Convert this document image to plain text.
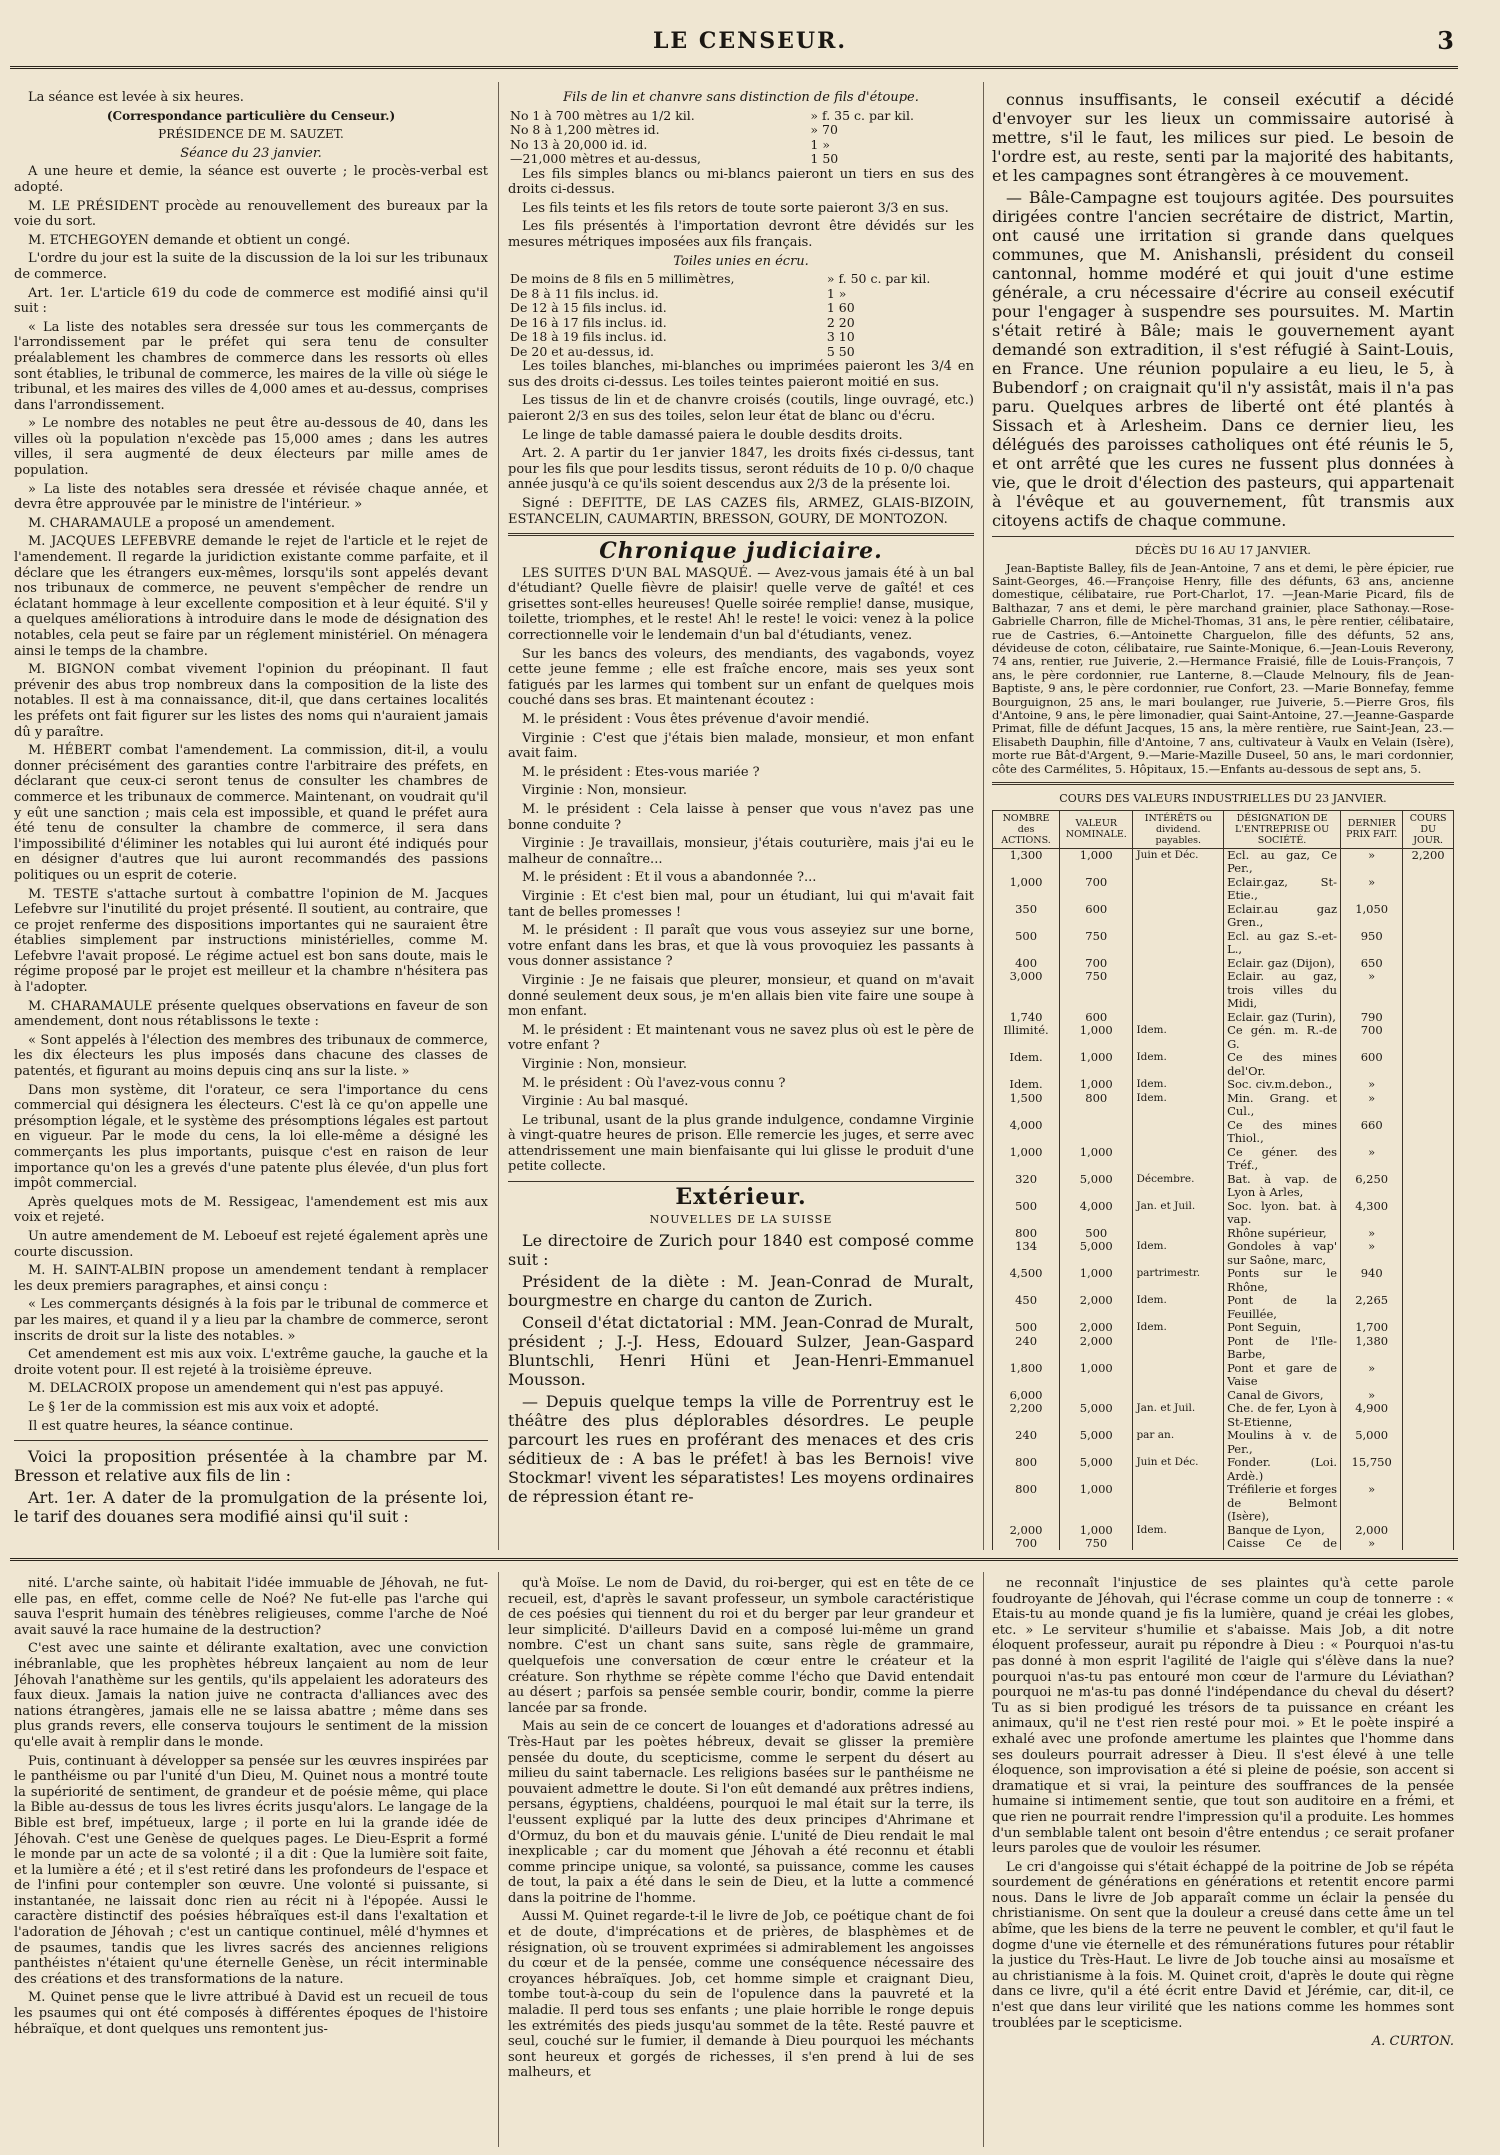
LE CENSEUR.	3

La séance est levée à six heures.

(Correspondance particulière du Censeur.)

PRÉSIDENCE DE M. SAUZET.

Séance du 23 janvier.

A une heure et demie, la séance est ouverte ; le procès-verbal est adopté.

M. LE PRÉSIDENT procède au renouvellement des bureaux par la voie du sort.

M. ETCHEGOYEN demande et obtient un congé.

L'ordre du jour est la suite de la discussion de la loi sur les tribunaux de commerce.

Art. 1er. L'article 619 du code de commerce est modifié ainsi qu'il suit :

« La liste des notables sera dressée sur tous les commerçants de l'arrondissement par le préfet qui sera tenu de consulter préalablement les chambres de commerce dans les ressorts où elles sont établies, le tribunal de commerce, les maires de la ville où siége le tribunal, et les maires des villes de 4,000 ames et au-dessus, comprises dans l'arrondissement.

» Le nombre des notables ne peut être au-dessous de 40, dans les villes où la population n'excède pas 15,000 ames ; dans les autres villes, il sera augmenté de deux électeurs par mille ames de population.

» La liste des notables sera dressée et révisée chaque année, et devra être approuvée par le ministre de l'intérieur. »

M. CHARAMAULE a proposé un amendement.

M. JACQUES LEFEBVRE demande le rejet de l'article et le rejet de l'amendement. Il regarde la juridiction existante comme parfaite, et il déclare que les étrangers eux-mêmes, lorsqu'ils sont appelés devant nos tribunaux de commerce, ne peuvent s'empêcher de rendre un éclatant hommage à leur excellente composition et à leur équité. S'il y a quelques améliorations à introduire dans le mode de désignation des notables, cela peut se faire par un réglement ministériel. On ménagera ainsi le temps de la chambre.

M. BIGNON combat vivement l'opinion du préopinant. Il faut prévenir des abus trop nombreux dans la composition de la liste des notables. Il est à ma connaissance, dit-il, que dans certaines localités les préfets ont fait figurer sur les listes des noms qui n'auraient jamais dû y paraître.

M. HÉBERT combat l'amendement. La commission, dit-il, a voulu donner précisément des garanties contre l'arbitraire des préfets, en déclarant que ceux-ci seront tenus de consulter les chambres de commerce et les tribunaux de commerce. Maintenant, on voudrait qu'il y eût une sanction ; mais cela est impossible, et quand le préfet aura été tenu de consulter la chambre de commerce, il sera dans l'impossibilité d'éliminer les notables qui lui auront été indiqués pour en désigner d'autres que lui auront recommandés des passions politiques ou un esprit de coterie.

M. TESTE s'attache surtout à combattre l'opinion de M. Jacques Lefebvre sur l'inutilité du projet présenté. Il soutient, au contraire, que ce projet renferme des dispositions importantes qui ne sauraient être établies simplement par instructions ministérielles, comme M. Lefebvre l'avait proposé. Le régime actuel est bon sans doute, mais le régime proposé par le projet est meilleur et la chambre n'hésitera pas à l'adopter.

M. CHARAMAULE présente quelques observations en faveur de son amendement, dont nous rétablissons le texte :

« Sont appelés à l'élection des membres des tribunaux de commerce, les dix électeurs les plus imposés dans chacune des classes de patentés, et figurant au moins depuis cinq ans sur la liste. »

Dans mon système, dit l'orateur, ce sera l'importance du cens commercial qui désignera les électeurs. C'est là ce qu'on appelle une présomption légale, et le système des présomptions légales est partout en vigueur. Par le mode du cens, la loi elle-même a désigné les commerçants les plus importants, puisque c'est en raison de leur importance qu'on les a grevés d'une patente plus élevée, d'un plus fort impôt commercial.

Après quelques mots de M. Ressigeac, l'amendement est mis aux voix et rejeté.

Un autre amendement de M. Leboeuf est rejeté également après une courte discussion.

M. H. SAINT-ALBIN propose un amendement tendant à remplacer les deux premiers paragraphes, et ainsi conçu :

« Les commerçants désignés à la fois par le tribunal de commerce et par les maires, et quand il y a lieu par la chambre de commerce, seront inscrits de droit sur la liste des notables. »

Cet amendement est mis aux voix. L'extrême gauche, la gauche et la droite votent pour. Il est rejeté à la troisième épreuve.

M. DELACROIX propose un amendement qui n'est pas appuyé.

Le § 1er de la commission est mis aux voix et adopté.

Il est quatre heures, la séance continue.

Voici la proposition présentée à la chambre par M. Bresson et relative aux fils de lin :

Art. 1er. A dater de la promulgation de la présente loi, le tarif des douanes sera modifié ainsi qu'il suit :

Fils de lin et chanvre sans distinction de fils d'étoupe.

No 1 à 700 mètres au 1/2 kil.	» f. 35 c. par kil.
No 8 à 1,200 mètres id.	» 70
No 13 à 20,000 id. id.	1 »
—21,000 mètres et au-dessus,	1 50

Les fils simples blancs ou mi-blancs paieront un tiers en sus des droits ci-dessus.

Les fils teints et les fils retors de toute sorte paieront 3/3 en sus.

Les fils présentés à l'importation devront être dévidés sur les mesures métriques imposées aux fils français.

Toiles unies en écru.

De moins de 8 fils en 5 millimètres,	» f. 50 c. par kil.
De 8 à 11 fils inclus. id.	1 »
De 12 à 15 fils inclus. id.	1 60
De 16 à 17 fils inclus. id.	2 20
De 18 à 19 fils inclus. id.	3 10
De 20 et au-dessus, id.	5 50

Les toiles blanches, mi-blanches ou imprimées paieront les 3/4 en sus des droits ci-dessus. Les toiles teintes paieront moitié en sus.

Les tissus de lin et de chanvre croisés (coutils, linge ouvragé, etc.) paieront 2/3 en sus des toiles, selon leur état de blanc ou d'écru.

Le linge de table damassé paiera le double desdits droits.

Art. 2. A partir du 1er janvier 1847, les droits fixés ci-dessus, tant pour les fils que pour lesdits tissus, seront réduits de 10 p. 0/0 chaque année jusqu'à ce qu'ils soient descendus aux 2/3 de la présente loi.

Signé : DEFITTE, DE LAS CAZES fils, ARMEZ, GLAIS-BIZOIN, ESTANCELIN, CAUMARTIN, BRESSON, GOURY, DE MONTOZON.

Chronique judiciaire.

LES SUITES D'UN BAL MASQUÉ. — Avez-vous jamais été à un bal d'étudiant? Quelle fièvre de plaisir! quelle verve de gaîté! et ces grisettes sont-elles heureuses! Quelle soirée remplie! danse, musique, toilette, triomphes, et le reste! Ah! le reste! le voici: venez à la police correctionnelle voir le lendemain d'un bal d'étudiants, venez.

Sur les bancs des voleurs, des mendiants, des vagabonds, voyez cette jeune femme ; elle est fraîche encore, mais ses yeux sont fatigués par les larmes qui tombent sur un enfant de quelques mois couché dans ses bras. Et maintenant écoutez :

M. le président : Vous êtes prévenue d'avoir mendié.

Virginie : C'est que j'étais bien malade, monsieur, et mon enfant avait faim.

M. le président : Etes-vous mariée ?

Virginie : Non, monsieur.

M. le président : Cela laisse à penser que vous n'avez pas une bonne conduite ?

Virginie : Je travaillais, monsieur, j'étais couturière, mais j'ai eu le malheur de connaître...

M. le président : Et il vous a abandonnée ?...

Virginie : Et c'est bien mal, pour un étudiant, lui qui m'avait fait tant de belles promesses !

M. le président : Il paraît que vous vous asseyiez sur une borne, votre enfant dans les bras, et que là vous provoquiez les passants à vous donner assistance ?

Virginie : Je ne faisais que pleurer, monsieur, et quand on m'avait donné seulement deux sous, je m'en allais bien vite faire une soupe à mon enfant.

M. le président : Et maintenant vous ne savez plus où est le père de votre enfant ?

Virginie : Non, monsieur.

M. le président : Où l'avez-vous connu ?

Virginie : Au bal masqué.

Le tribunal, usant de la plus grande indulgence, condamne Virginie à vingt-quatre heures de prison. Elle remercie les juges, et serre avec attendrissement une main bienfaisante qui lui glisse le produit d'une petite collecte.

Extérieur.
NOUVELLES DE LA SUISSE

Le directoire de Zurich pour 1840 est composé comme suit :

Président de la diète : M. Jean-Conrad de Muralt, bourgmestre en charge du canton de Zurich.

Conseil d'état dictatorial : MM. Jean-Conrad de Muralt, président ; J.-J. Hess, Edouard Sulzer, Jean-Gaspard Bluntschli, Henri Hüni et Jean-Henri-Emmanuel Mousson.

— Depuis quelque temps la ville de Porrentruy est le théâtre des plus déplorables désordres. Le peuple parcourt les rues en proférant des menaces et des cris séditieux de : A bas le préfet! à bas les Bernois! vive Stockmar! vivent les séparatistes! Les moyens ordinaires de répression étant re-

connus insuffisants, le conseil exécutif a décidé d'envoyer sur les lieux un commissaire autorisé à mettre, s'il le faut, les milices sur pied. Le besoin de l'ordre est, au reste, senti par la majorité des habitants, et les campagnes sont étrangères à ce mouvement.

— Bâle-Campagne est toujours agitée. Des poursuites dirigées contre l'ancien secrétaire de district, Martin, ont causé une irritation si grande dans quelques communes, que M. Anishansli, président du conseil cantonnal, homme modéré et qui jouit d'une estime générale, a cru nécessaire d'écrire au conseil exécutif pour l'engager à suspendre ses poursuites. M. Martin s'était retiré à Bâle; mais le gouvernement ayant demandé son extradition, il s'est réfugié à Saint-Louis, en France. Une réunion populaire a eu lieu, le 5, à Bubendorf ; on craignait qu'il n'y assistât, mais il n'a pas paru. Quelques arbres de liberté ont été plantés à Sissach et à Arlesheim. Dans ce dernier lieu, les délégués des paroisses catholiques ont été réunis le 5, et ont arrêté que les cures ne fussent plus données à vie, que le droit d'élection des pasteurs, qui appartenait à l'évêque et au gouvernement, fût transmis aux citoyens actifs de chaque commune.

DÉCÈS DU 16 AU 17 JANVIER.

Jean-Baptiste Balley, fils de Jean-Antoine, 7 ans et demi, le père épicier, rue Saint-Georges, 46.—Françoise Henry, fille des défunts, 63 ans, ancienne domestique, célibataire, rue Port-Charlot, 17. —Jean-Marie Picard, fils de Balthazar, 7 ans et demi, le père marchand grainier, place Sathonay.—Rose-Gabrielle Charron, fille de Michel-Thomas, 31 ans, le père rentier, célibataire, rue de Castries, 6.—Antoinette Charguelon, fille des défunts, 52 ans, dévideuse de coton, célibataire, rue Sainte-Monique, 6.—Jean-Louis Reverony, 74 ans, rentier, rue Juiverie, 2.—Hermance Fraisié, fille de Louis-François, 7 ans, le père cordonnier, rue Lanterne, 8.—Claude Melnoury, fils de Jean-Baptiste, 9 ans, le père cordonnier, rue Confort, 23. —Marie Bonnefay, femme Bourguignon, 25 ans, le mari boulanger, rue Juiverie, 5.—Pierre Gros, fils d'Antoine, 9 ans, le père limonadier, quai Saint-Antoine, 27.—Jeanne-Gasparde Primat, fille de défunt Jacques, 15 ans, la mère rentière, rue Saint-Jean, 23.—Elisabeth Dauphin, fille d'Antoine, 7 ans, cultivateur à Vaulx en Velain (Isère), morte rue Bât-d'Argent, 9.—Marie-Mazille Duseel, 50 ans, le mari cordonnier, côte des Carmélites, 5. Hôpitaux, 15.—Enfants au-dessous de sept ans, 5.

COURS DES VALEURS INDUSTRIELLES DU 23 JANVIER.

NOMBRE des ACTIONS.	VALEUR NOMINALE.	INTÉRÊTS ou dividend. payables.	DÉSIGNATION DE L'ENTREPRISE OU SOCIÉTÉ.	DERNIER PRIX FAIT.	COURS DU JOUR.
1,300	1,000	Juin et Déc.	Ecl. au gaz, Ce Per.,	»	2,200
1,000	700		Eclair.gaz, St-Etie.,	»	
350	600		Eclair.au gaz Gren.,	1,050	
500	750		Ecl. au gaz S.-et-L.,	950	
400	700		Eclair. gaz (Dijon),	650	
3,000	750		Eclair. au gaz, trois villes du Midi,	»	
1,740	600		Eclair. gaz (Turin),	790	
Illimité.	1,000	Idem.	Ce gén. m. R.-de G.	700	
Idem.	1,000	Idem.	Ce des mines del'Or.	600	
Idem.	1,000	Idem.	Soc. civ.m.debon.,	»	
1,500	800	Idem.	Min. Grang. et Cul.,	»	
4,000			Ce des mines Thiol.,	660	
1,000	1,000		Ce géner. des Tréf.,	»	
320	5,000	Décembre.	Bat. à vap. de Lyon à Arles,	6,250	
500	4,000	Jan. et Juil.	Soc. lyon. bat. à vap.	4,300	
800	500		Rhône supérieur,	»	
134	5,000	Idem.	Gondoles à vap' sur Saône, marc,	»	
4,500	1,000	partrimestr.	Ponts sur le Rhône,	940	
450	2,000	Idem.	Pont de la Feuillée,	2,265	
500	2,000	Idem.	Pont Seguin,	1,700	
240	2,000		Pont de l'Ile-Barbe,	1,380	
1,800	1,000		Pont et gare de Vaise	»	
6,000			Canal de Givors,	»	
2,200	5,000	Jan. et Juil.	Che. de fer, Lyon à St-Etienne,	4,900	
240	5,000	par an.	Moulins à v. de Per.,	5,000	
800	5,000	Juin et Déc.	Fonder. (Loi. Ardè.)	15,750	
800	1,000		Tréfilerie et forges de Belmont (Isère),	»	
2,000	1,000	Idem.	Banque de Lyon,	2,000	
700	750		Caisse Ce de	»	

nité. L'arche sainte, où habitait l'idée immuable de Jéhovah, ne fut-elle pas, en effet, comme celle de Noé? Ne fut-elle pas l'arche qui sauva l'esprit humain des ténèbres religieuses, comme l'arche de Noé avait sauvé la race humaine de la destruction?

C'est avec une sainte et délirante exaltation, avec une conviction inébranlable, que les prophètes hébreux lançaient au nom de leur Jéhovah l'anathème sur les gentils, qu'ils appelaient les adorateurs des faux dieux. Jamais la nation juive ne contracta d'alliances avec des nations étrangères, jamais elle ne se laissa abattre ; même dans ses plus grands revers, elle conserva toujours le sentiment de la mission qu'elle avait à remplir dans le monde.

Puis, continuant à développer sa pensée sur les œuvres inspirées par le panthéisme ou par l'unité d'un Dieu, M. Quinet nous a montré toute la supériorité de sentiment, de grandeur et de poésie même, qui place la Bible au-dessus de tous les livres écrits jusqu'alors. Le langage de la Bible est bref, impétueux, large ; il porte en lui la grande idée de Jéhovah. C'est une Genèse de quelques pages. Le Dieu-Esprit a formé le monde par un acte de sa volonté ; il a dit : Que la lumière soit faite, et la lumière a été ; et il s'est retiré dans les profondeurs de l'espace et de l'infini pour contempler son œuvre. Une volonté si puissante, si instantanée, ne laissait donc rien au récit ni à l'épopée. Aussi le caractère distinctif des poésies hébraïques est-il dans l'exaltation et l'adoration de Jéhovah ; c'est un cantique continuel, mêlé d'hymnes et de psaumes, tandis que les livres sacrés des anciennes religions panthéistes n'étaient qu'une éternelle Genèse, un récit interminable des créations et des transformations de la nature.

M. Quinet pense que le livre attribué à David est un recueil de tous les psaumes qui ont été composés à différentes époques de l'histoire hébraïque, et dont quelques uns remontent jus-

qu'à Moïse. Le nom de David, du roi-berger, qui est en tête de ce recueil, est, d'après le savant professeur, un symbole caractéristique de ces poésies qui tiennent du roi et du berger par leur grandeur et leur simplicité. D'ailleurs David en a composé lui-même un grand nombre. C'est un chant sans suite, sans règle de grammaire, quelquefois une conversation de cœur entre le créateur et la créature. Son rhythme se répète comme l'écho que David entendait au désert ; parfois sa pensée semble courir, bondir, comme la pierre lancée par sa fronde.

Mais au sein de ce concert de louanges et d'adorations adressé au Très-Haut par les poètes hébreux, devait se glisser la première pensée du doute, du scepticisme, comme le serpent du désert au milieu du saint tabernacle. Les religions basées sur le panthéisme ne pouvaient admettre le doute. Si l'on eût demandé aux prêtres indiens, persans, égyptiens, chaldéens, pourquoi le mal était sur la terre, ils l'eussent expliqué par la lutte des deux principes d'Ahrimane et d'Ormuz, du bon et du mauvais génie. L'unité de Dieu rendait le mal inexplicable ; car du moment que Jéhovah a été reconnu et établi comme principe unique, sa volonté, sa puissance, comme les causes de tout, la paix a été dans le sein de Dieu, et la lutte a commencé dans la poitrine de l'homme.

Aussi M. Quinet regarde-t-il le livre de Job, ce poétique chant de foi et de doute, d'imprécations et de prières, de blasphèmes et de résignation, où se trouvent exprimées si admirablement les angoisses du cœur et de la pensée, comme une conséquence nécessaire des croyances hébraïques. Job, cet homme simple et craignant Dieu, tombe tout-à-coup du sein de l'opulence dans la pauvreté et la maladie. Il perd tous ses enfants ; une plaie horrible le ronge depuis les extrémités des pieds jusqu'au sommet de la tête. Resté pauvre et seul, couché sur le fumier, il demande à Dieu pourquoi les méchants sont heureux et gorgés de richesses, il s'en prend à lui de ses malheurs, et

ne reconnaît l'injustice de ses plaintes qu'à cette parole foudroyante de Jéhovah, qui l'écrase comme un coup de tonnerre : « Etais-tu au monde quand je fis la lumière, quand je créai les globes, etc. » Le serviteur s'humilie et s'abaisse. Mais Job, a dit notre éloquent professeur, aurait pu répondre à Dieu : « Pourquoi n'as-tu pas donné à mon esprit l'agilité de l'aigle qui s'élève dans la nue? pourquoi n'as-tu pas entouré mon cœur de l'armure du Léviathan? pourquoi ne m'as-tu pas donné l'indépendance du cheval du désert? Tu as si bien prodigué les trésors de ta puissance en créant les animaux, qu'il ne t'est rien resté pour moi. » Et le poète inspiré a exhalé avec une profonde amertume les plaintes que l'homme dans ses douleurs pourrait adresser à Dieu. Il s'est élevé à une telle éloquence, son improvisation a été si pleine de poésie, son accent si dramatique et si vrai, la peinture des souffrances de la pensée humaine si intimement sentie, que tout son auditoire en a frémi, et que rien ne pourrait rendre l'impression qu'il a produite. Les hommes d'un semblable talent ont besoin d'être entendus ; ce serait profaner leurs paroles que de vouloir les résumer.

Le cri d'angoisse qui s'était échappé de la poitrine de Job se répéta sourdement de générations en générations et retentit encore parmi nous. Dans le livre de Job apparaît comme un éclair la pensée du christianisme. On sent que la douleur a creusé dans cette âme un tel abîme, que les biens de la terre ne peuvent le combler, et qu'il faut le dogme d'une vie éternelle et des rémunérations futures pour rétablir la justice du Très-Haut. Le livre de Job touche ainsi au mosaïsme et au christianisme à la fois. M. Quinet croit, d'après le doute qui règne dans ce livre, qu'il a été écrit entre David et Jérémie, car, dit-il, ce n'est que dans leur virilité que les nations comme les hommes sont troublées par le scepticisme.

A. CURTON.
